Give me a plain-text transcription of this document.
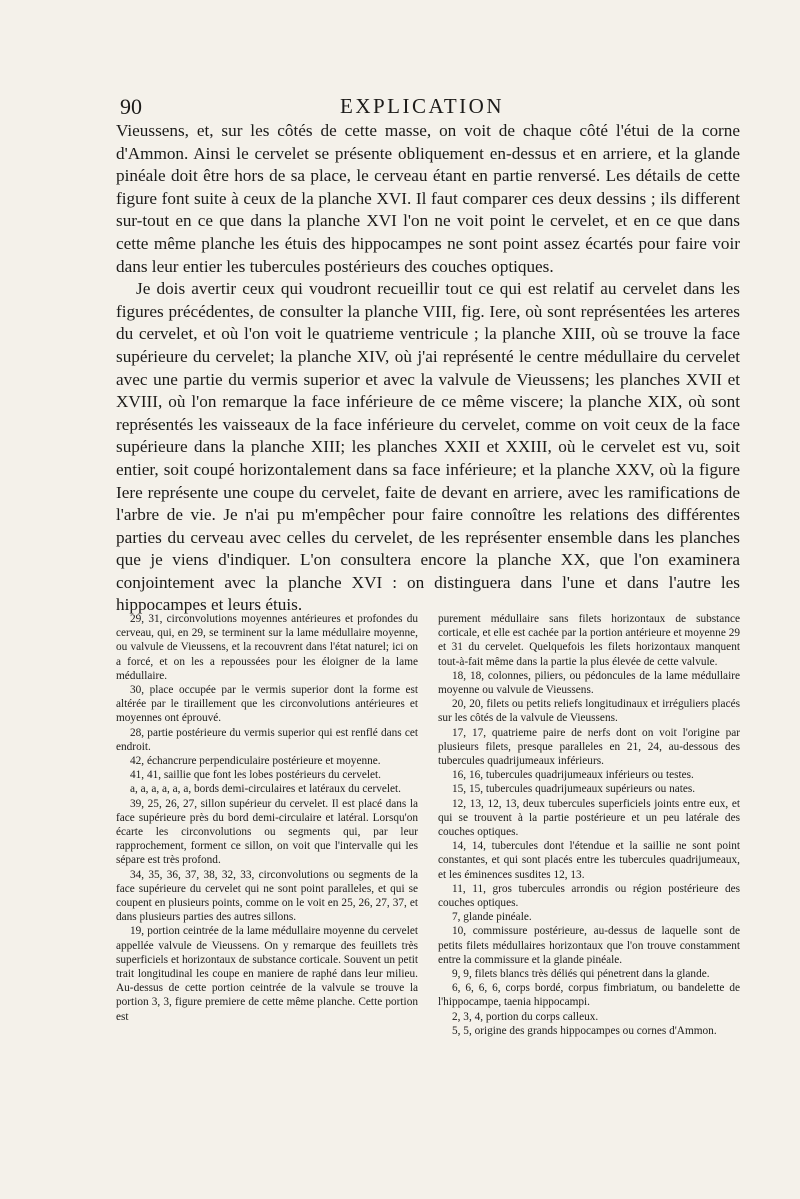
90	EXPLICATION

Vieussens, et, sur les côtés de cette masse, on voit de chaque côté l'étui de la corne d'Ammon. Ainsi le cervelet se présente obliquement en-dessus et en arriere, et la glande pinéale doit être hors de sa place, le cerveau étant en partie renversé. Les détails de cette figure font suite à ceux de la planche XVI. Il faut comparer ces deux dessins ; ils different sur-tout en ce que dans la planche XVI l'on ne voit point le cervelet, et en ce que dans cette même planche les étuis des hippocampes ne sont point assez écartés pour faire voir dans leur entier les tubercules postérieurs des couches optiques.

Je dois avertir ceux qui voudront recueillir tout ce qui est relatif au cervelet dans les figures précédentes, de consulter la planche VIII, fig. Iere, où sont représentées les arteres du cervelet, et où l'on voit le quatrieme ventricule ; la planche XIII, où se trouve la face supérieure du cervelet; la planche XIV, où j'ai représenté le centre médullaire du cervelet avec une partie du vermis superior et avec la valvule de Vieussens; les planches XVII et XVIII, où l'on remarque la face inférieure de ce même viscere; la planche XIX, où sont représentés les vaisseaux de la face inférieure du cervelet, comme on voit ceux de la face supérieure dans la planche XIII; les planches XXII et XXIII, où le cervelet est vu, soit entier, soit coupé horizontalement dans sa face inférieure; et la planche XXV, où la figure Iere représente une coupe du cervelet, faite de devant en arriere, avec les ramifications de l'arbre de vie. Je n'ai pu m'empêcher pour faire connoître les relations des différentes parties du cerveau avec celles du cervelet, de les représenter ensemble dans les planches que je viens d'indiquer. L'on consultera encore la planche XX, que l'on examinera conjointement avec la planche XVI : on distinguera dans l'une et dans l'autre les hippocampes et leurs étuis.

29, 31, circonvolutions moyennes antérieures et profondes du cerveau, qui, en 29, se terminent sur la lame médullaire moyenne, ou valvule de Vieussens, et la recouvrent dans l'état naturel; ici on a forcé, et on les a repoussées pour les éloigner de la lame médullaire.

30, place occupée par le vermis superior dont la forme est altérée par le tiraillement que les circonvolutions antérieures et moyennes ont éprouvé.

28, partie postérieure du vermis superior qui est renflé dans cet endroit.

42, échancrure perpendiculaire postérieure et moyenne.

41, 41, saillie que font les lobes postérieurs du cervelet.

a, a, a, a, a, a, bords demi-circulaires et latéraux du cervelet.

39, 25, 26, 27, sillon supérieur du cervelet. Il est placé dans la face supérieure près du bord demi-circulaire et latéral. Lorsqu'on écarte les circonvolutions ou segments qui, par leur rapprochement, forment ce sillon, on voit que l'intervalle qui les sépare est très profond.

34, 35, 36, 37, 38, 32, 33, circonvolutions ou segments de la face supérieure du cervelet qui ne sont point paralleles, et qui se coupent en plusieurs points, comme on le voit en 25, 26, 27, 37, et dans plusieurs parties des autres sillons.

19, portion ceintrée de la lame médullaire moyenne du cervelet appellée valvule de Vieussens. On y remarque des feuillets très superficiels et horizontaux de substance corticale. Souvent un petit trait longitudinal les coupe en maniere de raphé dans leur milieu. Au-dessus de cette portion ceintrée de la valvule se trouve la portion 3, 3, figure premiere de cette même planche. Cette portion est

purement médullaire sans filets horizontaux de substance corticale, et elle est cachée par la portion antérieure et moyenne 29 et 31 du cervelet. Quelquefois les filets horizontaux manquent tout-à-fait même dans la partie la plus élevée de cette valvule.

18, 18, colonnes, piliers, ou pédoncules de la lame médullaire moyenne ou valvule de Vieussens.

20, 20, filets ou petits reliefs longitudinaux et irréguliers placés sur les côtés de la valvule de Vieussens.

17, 17, quatrieme paire de nerfs dont on voit l'origine par plusieurs filets, presque paralleles en 21, 24, au-dessous des tubercules quadrijumeaux inférieurs.

16, 16, tubercules quadrijumeaux inférieurs ou testes.

15, 15, tubercules quadrijumeaux supérieurs ou nates.

12, 13, 12, 13, deux tubercules superficiels joints entre eux, et qui se trouvent à la partie postérieure et un peu latérale des couches optiques.

14, 14, tubercules dont l'étendue et la saillie ne sont point constantes, et qui sont placés entre les tubercules quadrijumeaux, et les éminences susdites 12, 13.

11, 11, gros tubercules arrondis ou région postérieure des couches optiques.

7, glande pinéale.

10, commissure postérieure, au-dessus de laquelle sont de petits filets médullaires horizontaux que l'on trouve constamment entre la commissure et la glande pinéale.

9, 9, filets blancs très déliés qui pénetrent dans la glande.

6, 6, 6, 6, corps bordé, corpus fimbriatum, ou bandelette de l'hippocampe, taenia hippocampi.

2, 3, 4, portion du corps calleux.

5, 5, origine des grands hippocampes ou cornes d'Ammon.
